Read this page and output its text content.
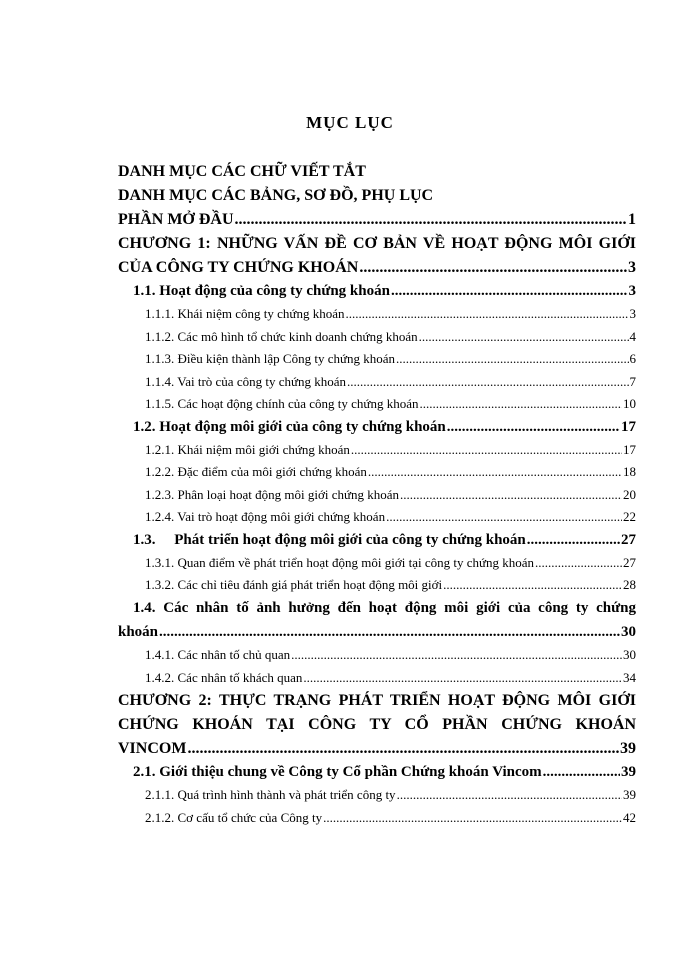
MỤC LỤC

DANH MỤC CÁC CHỮ VIẾT TẮT

DANH MỤC CÁC BẢNG, SƠ ĐỒ, PHỤ LỤC

PHẦN MỞ ĐẦU .....	1

CHƯƠNG 1: NHỮNG VẤN ĐỀ CƠ BẢN VỀ HOẠT ĐỘNG MÔI GIỚI

CỦA CÔNG TY CHỨNG KHOÁN .....	3
1.1. Hoạt động của công ty chứng khoán .....	3
1.1.1. Khái niệm công ty chứng khoán .....	3
1.1.2. Các mô hình tổ chức kinh doanh chứng khoán .....	4
1.1.3. Điều kiện thành lập Công ty chứng khoán .....	6
1.1.4. Vai trò của công ty chứng khoán .....	7
1.1.5. Các hoạt động chính của công ty chứng khoán .....	10
1.2. Hoạt động môi giới của công ty chứng khoán .....	17
1.2.1. Khái niệm môi giới chứng khoán .....	17
1.2.2. Đặc điểm của môi giới chứng khoán .....	18
1.2.3. Phân loại hoạt động môi giới chứng khoán .....	20
1.2.4. Vai trò hoạt động môi giới chứng khoán .....	22
1.3.     Phát triển hoạt động môi giới của công ty chứng khoán .....	27
1.3.1. Quan điểm về phát triển hoạt động môi giới tại công ty chứng khoán .....	27
1.3.2. Các chỉ tiêu đánh giá phát triển hoạt động môi giới .....	28

1.4. Các nhân tố ảnh hưởng đến hoạt động môi giới của công ty chứng

khoán .....	30
1.4.1. Các nhân tố chủ quan .....	30
1.4.2. Các nhân tố khách quan .....	34

CHƯƠNG 2: THỰC TRẠNG PHÁT TRIỂN HOẠT ĐỘNG MÔI GIỚI

CHỨNG KHOÁN TẠI CÔNG TY CỔ PHẦN CHỨNG KHOÁN

VINCOM .....	39
2.1. Giới thiệu chung về Công ty Cổ phần Chứng khoán Vincom .....	39
2.1.1. Quá trình hình thành và phát triển công ty .....	39
2.1.2. Cơ cấu tổ chức của Công ty .....	42
